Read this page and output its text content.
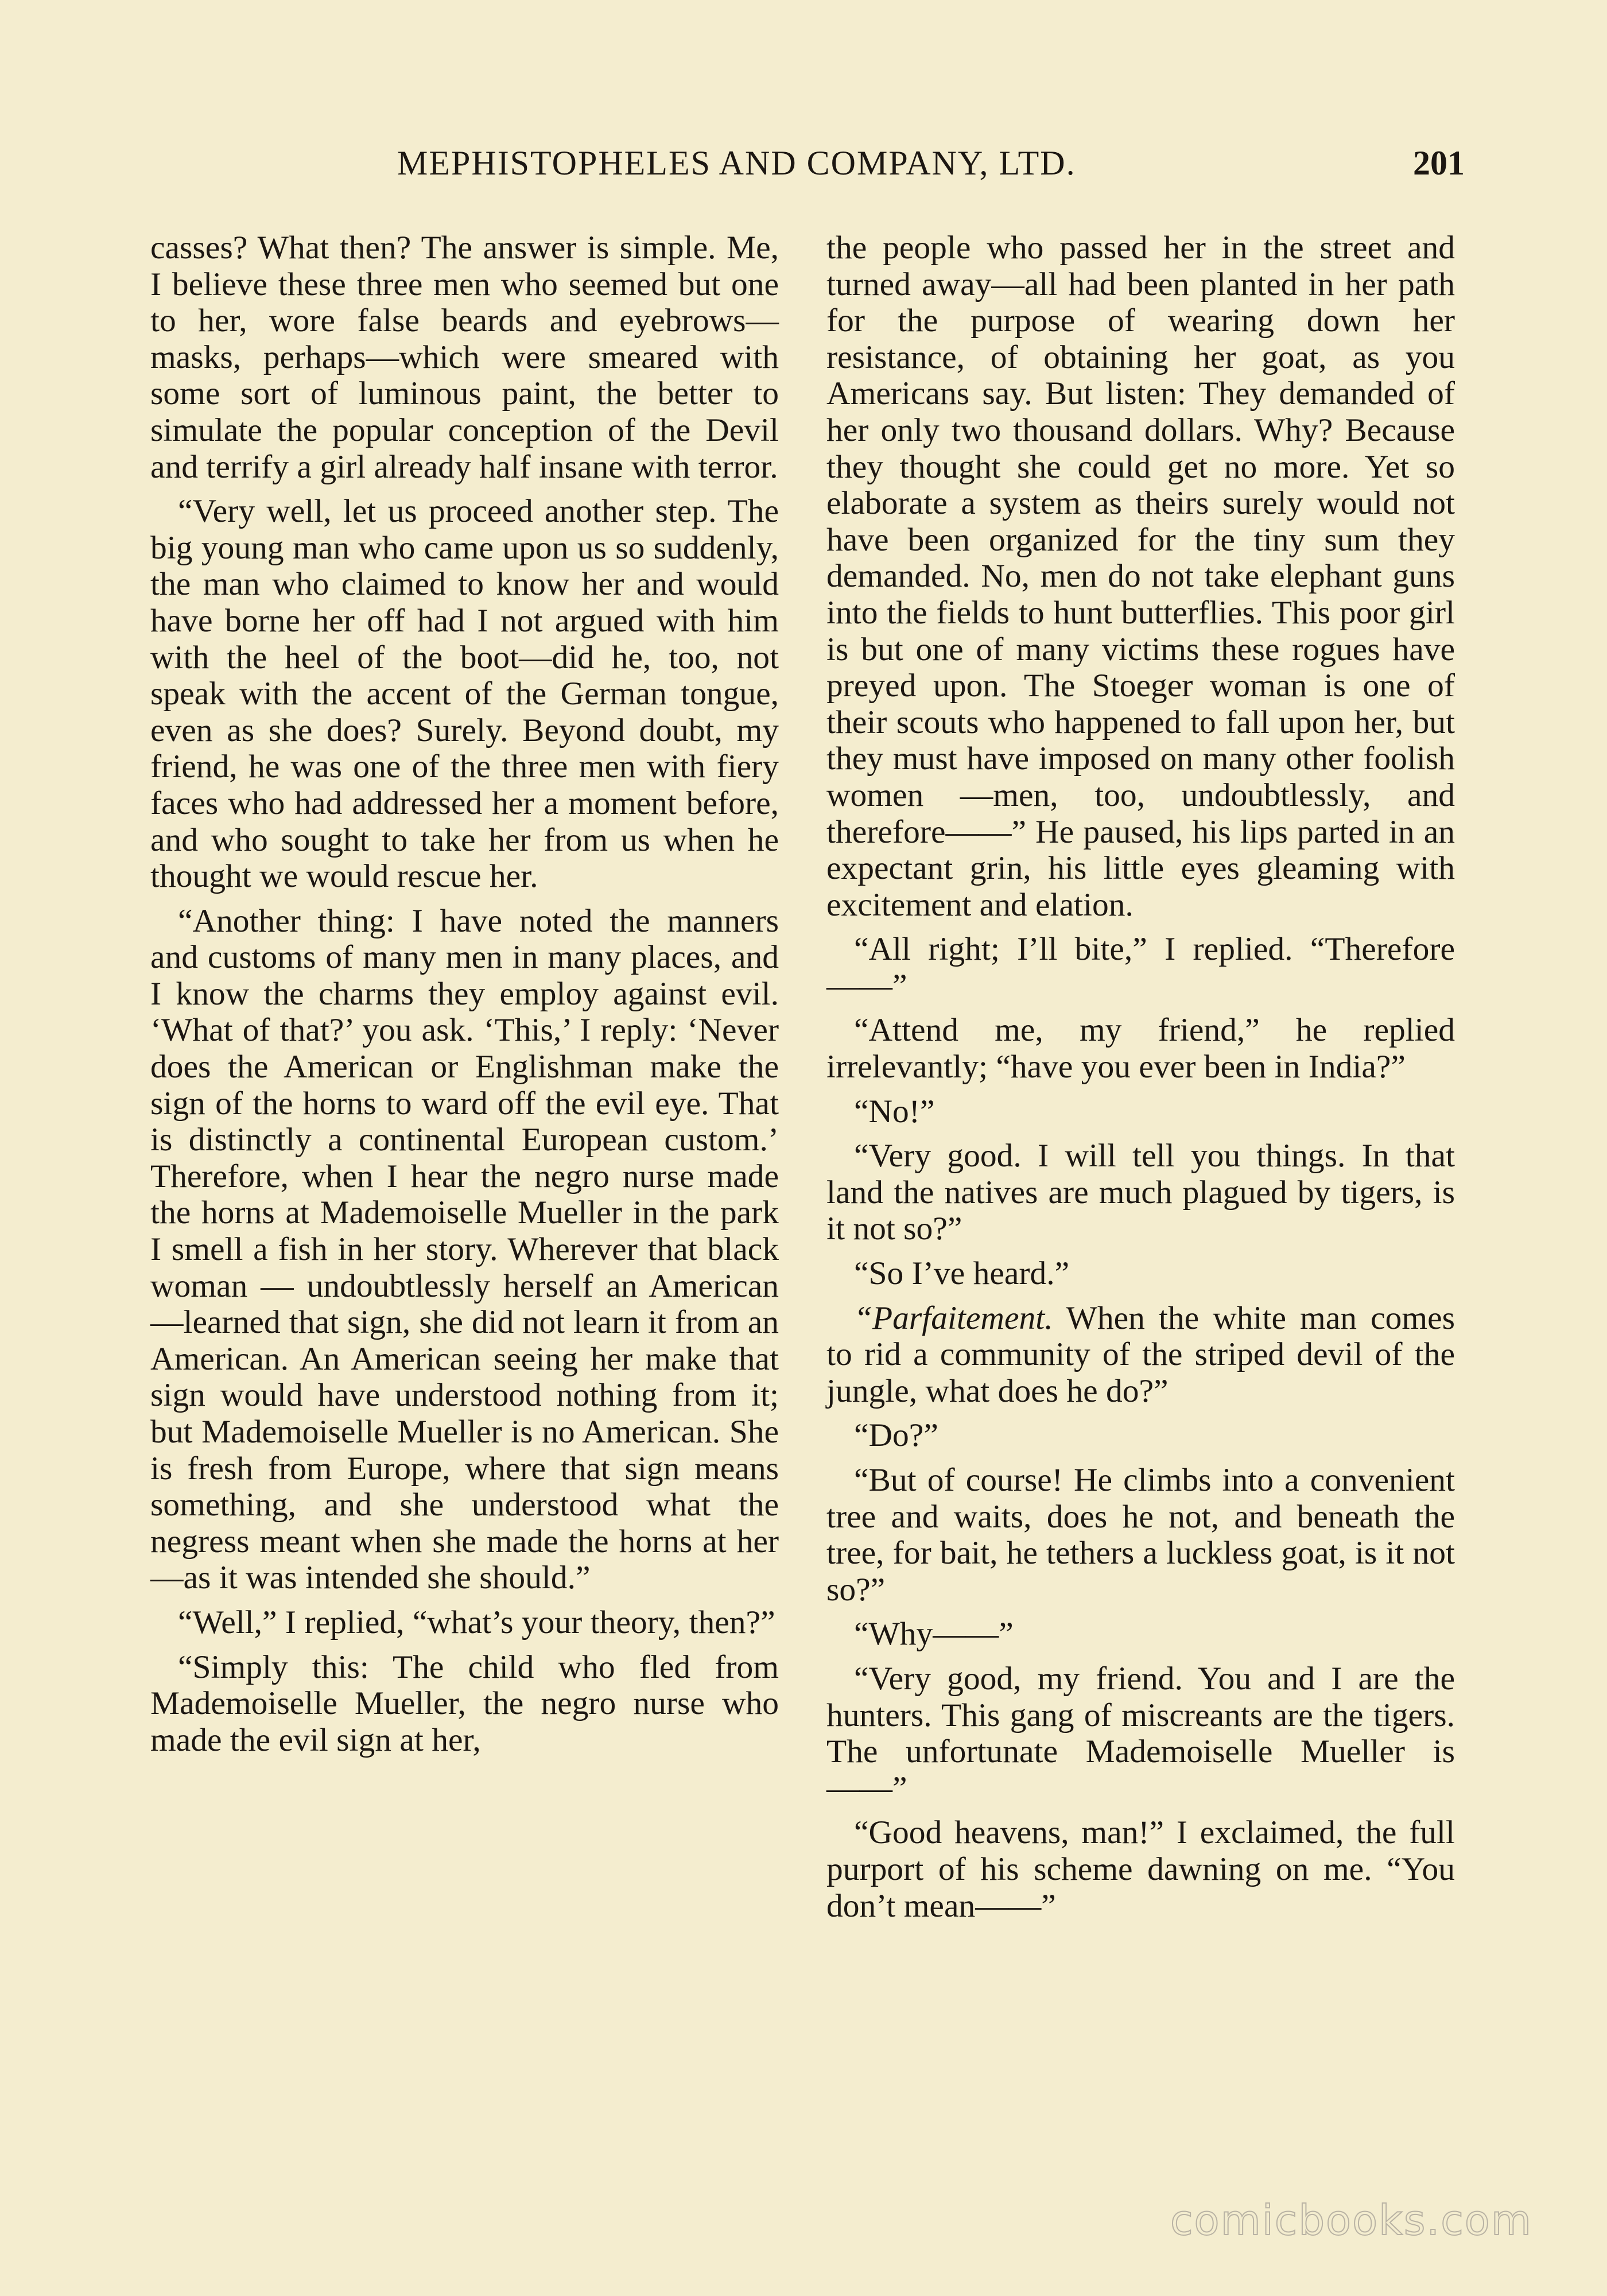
MEPHISTOPHELES AND COMPANY, LTD.	201

casses? What then? The answer is simple. Me, I believe these three men who seemed but one to her, wore false beards and eyebrows—masks, perhaps—which were smeared with some sort of luminous paint, the better to simulate the popular conception of the Devil and terrify a girl already half insane with terror.

“Very well, let us proceed another step. The big young man who came upon us so suddenly, the man who claimed to know her and would have borne her off had I not argued with him with the heel of the boot—did he, too, not speak with the accent of the German tongue, even as she does? Surely. Beyond doubt, my friend, he was one of the three men with fiery faces who had addressed her a moment before, and who sought to take her from us when he thought we would rescue her.

“Another thing: I have noted the manners and customs of many men in many places, and I know the charms they employ against evil. ‘What of that?’ you ask. ‘This,’ I reply: ‘Never does the American or Englishman make the sign of the horns to ward off the evil eye. That is distinctly a continental European custom.’ Therefore, when I hear the negro nurse made the horns at Mademoiselle Mueller in the park I smell a fish in her story. Wherever that black woman — undoubtlessly herself an American—learned that sign, she did not learn it from an American. An American seeing her make that sign would have understood nothing from it; but Mademoiselle Mueller is no American. She is fresh from Europe, where that sign means something, and she understood what the negress meant when she made the horns at her—as it was intended she should.”

“Well,” I replied, “what’s your theory, then?”

“Simply this: The child who fled from Mademoiselle Mueller, the negro nurse who made the evil sign at her,

the people who passed her in the street and turned away—all had been planted in her path for the purpose of wearing down her resistance, of obtaining her goat, as you Americans say. But listen: They demanded of her only two thousand dollars. Why? Because they thought she could get no more. Yet so elaborate a system as theirs surely would not have been organized for the tiny sum they demanded. No, men do not take elephant guns into the fields to hunt butterflies. This poor girl is but one of many victims these rogues have preyed upon. The Stoeger woman is one of their scouts who happened to fall upon her, but they must have imposed on many other foolish women —men, too, undoubtlessly, and therefore——” He paused, his lips parted in an expectant grin, his little eyes gleaming with excitement and elation.

“All right; I’ll bite,” I replied. “Therefore——”

“Attend me, my friend,” he replied irrelevantly; “have you ever been in India?”

“No!”

“Very good. I will tell you things. In that land the natives are much plagued by tigers, is it not so?”

“So I’ve heard.”

“Parfaitement. When the white man comes to rid a community of the striped devil of the jungle, what does he do?”

“Do?”

“But of course! He climbs into a convenient tree and waits, does he not, and beneath the tree, for bait, he tethers a luckless goat, is it not so?”

“Why——”

“Very good, my friend. You and I are the hunters. This gang of miscreants are the tigers. The unfortunate Mademoiselle Mueller is——”

“Good heavens, man!” I exclaimed, the full purport of his scheme dawning on me. “You don’t mean——”

comicbooks.com
